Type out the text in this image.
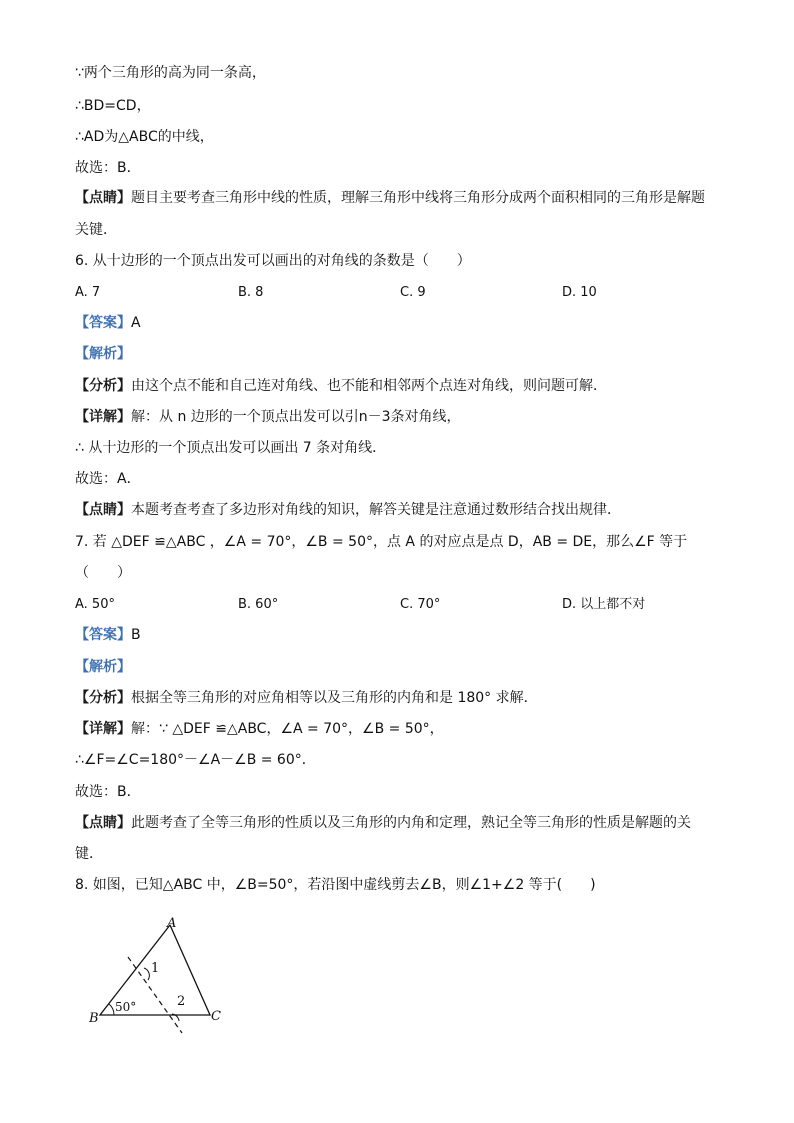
∵两个三角形的高为同一条高，
∴BD=CD，
∴AD为△ABC的中线，
故选：B．
【点睛】题目主要考查三角形中线的性质，理解三角形中线将三角形分成两个面积相同的三角形是解题
关键．
6. 从十边形的一个顶点出发可以画出的对角线的条数是（　　）
A. 7	B. 8	C. 9	D. 10
【答案】A
【解析】
【分析】由这个点不能和自己连对角线、也不能和相邻两个点连对角线，则问题可解．
【详解】解：从 n 边形的一个顶点出发可以引n－3条对角线，
∴ 从十边形的一个顶点出发可以画出 7 条对角线．
故选：A．
【点睛】本题考查考查了多边形对角线的知识，解答关键是注意通过数形结合找出规律．
7. 若 △DEF ≌△ABC ，∠A = 70°，∠B = 50°，点 A 的对应点是点 D，AB = DE，那么∠F 等于
（　　）
A. 50°	B. 60°	C. 70°	D. 以上都不对
【答案】B
【解析】
【分析】根据全等三角形的对应角相等以及三角形的内角和是 180° 求解．
【详解】解：∵ △DEF ≌△ABC，∠A = 70°，∠B = 50°，
∴∠F=∠C=180°－∠A－∠B = 60°．
故选：B．
【点睛】此题考查了全等三角形的性质以及三角形的内角和定理，熟记全等三角形的性质是解题的关
键．
8. 如图，已知△ABC 中，∠B=50°，若沿图中虚线剪去∠B，则∠1+∠2 等于(　　)
A
B	C
1
2
50°
